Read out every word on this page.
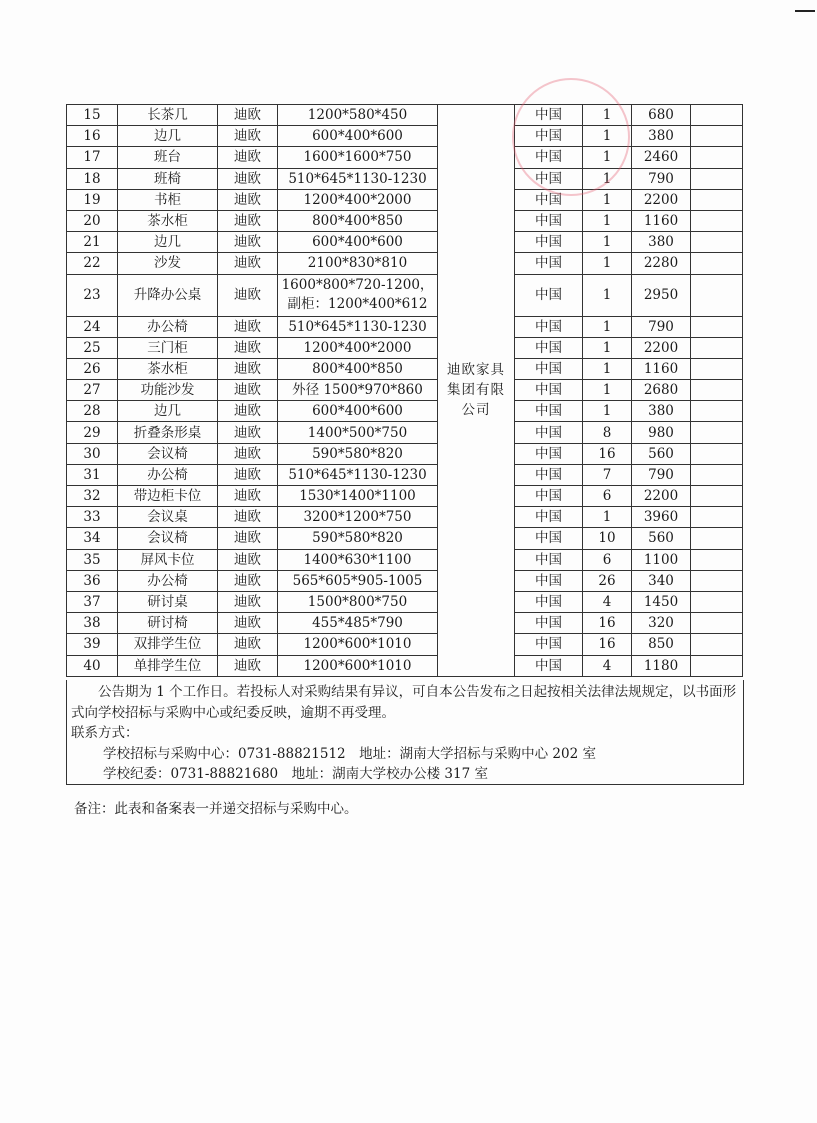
15	长茶几	迪欧	1200*580*450	迪欧家具集团有限公司	中国	1	680	
16	边几	迪欧	600*400*600		中国	1	380	
17	班台	迪欧	1600*1600*750		中国	1	2460	
18	班椅	迪欧	510*645*1130-1230		中国	1	790	
19	书柜	迪欧	1200*400*2000		中国	1	2200	
20	茶水柜	迪欧	800*400*850		中国	1	1160	
21	边几	迪欧	600*400*600		中国	1	380	
22	沙发	迪欧	2100*830*810		中国	1	2280	
23	升降办公桌	迪欧	1600*800*720-1200，
副柜：1200*400*612		中国	1	2950	
24	办公椅	迪欧	510*645*1130-1230		中国	1	790	
25	三门柜	迪欧	1200*400*2000		中国	1	2200	
26	茶水柜	迪欧	800*400*850		中国	1	1160	
27	功能沙发	迪欧	外径 1500*970*860		中国	1	2680	
28	边几	迪欧	600*400*600		中国	1	380	
29	折叠条形桌	迪欧	1400*500*750		中国	8	980	
30	会议椅	迪欧	590*580*820		中国	16	560	
31	办公椅	迪欧	510*645*1130-1230		中国	7	790	
32	带边柜卡位	迪欧	1530*1400*1100		中国	6	2200	
33	会议桌	迪欧	3200*1200*750		中国	1	3960	
34	会议椅	迪欧	590*580*820		中国	10	560	
35	屏风卡位	迪欧	1400*630*1100		中国	6	1100	
36	办公椅	迪欧	565*605*905-1005		中国	26	340	
37	研讨桌	迪欧	1500*800*750		中国	4	1450	
38	研讨椅	迪欧	455*485*790		中国	16	320	
39	双排学生位	迪欧	1200*600*1010		中国	16	850	
40	单排学生位	迪欧	1200*600*1010		中国	4	1180	

公告期为 1 个工作日。若投标人对采购结果有异议，可自本公告发布之日起按相关法律法规规定，以书面形式向学校招标与采购中心或纪委反映，逾期不再受理。

联系方式：

学校招标与采购中心：0731-88821512　地址：湖南大学招标与采购中心 202 室

学校纪委：0731-88821680　地址：湖南大学校办公楼 317 室

备注：此表和备案表一并递交招标与采购中心。
